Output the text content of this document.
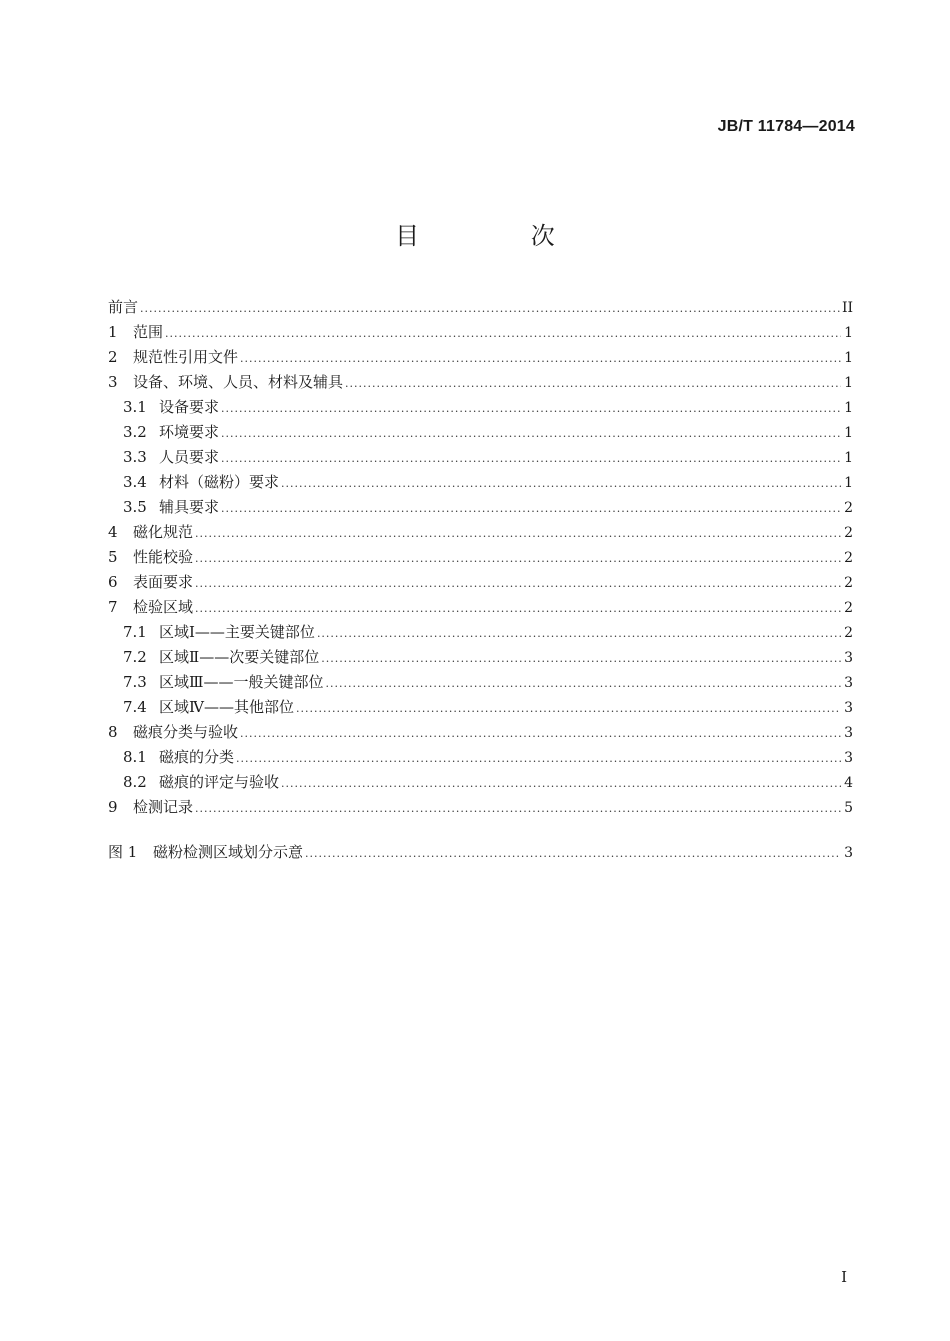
JB/T 11784—2014
目 次
前言 .....	II
1	范围 .....	1
2	规范性引用文件 .....	1
3	设备、环境、人员、材料及辅具 .....	1
3.1 设备要求 .....	1
3.2 环境要求 .....	1
3.3 人员要求 .....	1
3.4 材料（磁粉）要求 .....	1
3.5 辅具要求 .....	2
4	磁化规范 .....	2
5	性能校验 .....	2
6	表面要求 .....	2
7	检验区域 .....	2
7.1 区域Ⅰ——主要关键部位 .....	2
7.2 区域Ⅱ——次要关键部位 .....	3
7.3 区域Ⅲ——一般关键部位 .....	3
7.4 区域Ⅳ——其他部位 .....	3
8	磁痕分类与验收 .....	3
8.1 磁痕的分类 .....	3
8.2 磁痕的评定与验收 .....	4
9	检测记录 .....	5
图 1	磁粉检测区域划分示意 .....	3
I
